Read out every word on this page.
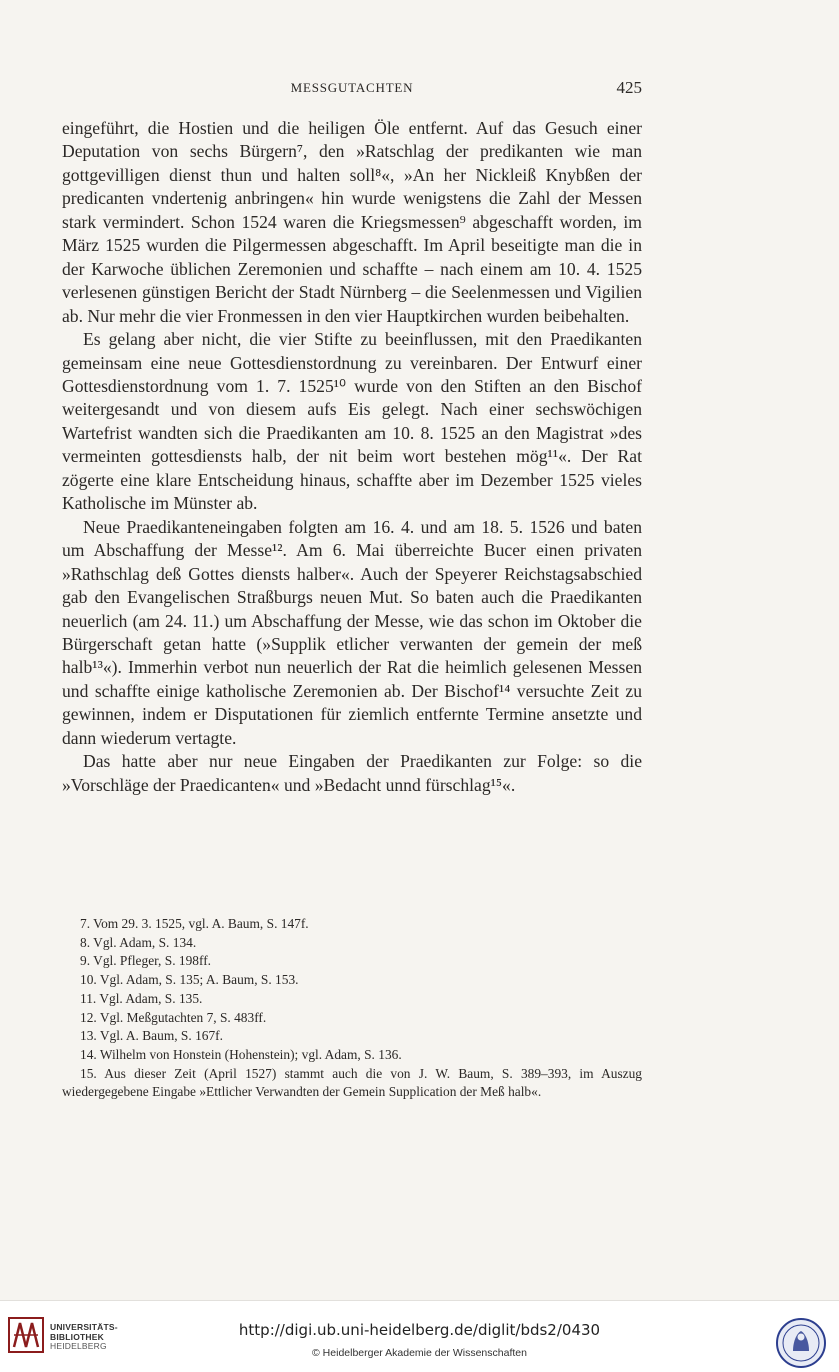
MESSGUTACHTEN	425

eingeführt, die Hostien und die heiligen Öle entfernt. Auf das Gesuch einer Deputation von sechs Bürgern⁷, den »Ratschlag der predikanten wie man gottgevilligen dienst thun und halten soll⁸«, »An her Nickleiß Knybßen der predicanten vndertenig anbringen« hin wurde wenigstens die Zahl der Messen stark vermindert. Schon 1524 waren die Kriegsmessen⁹ abgeschafft worden, im März 1525 wurden die Pilgermessen abgeschafft. Im April beseitigte man die in der Karwoche üblichen Zeremonien und schaffte – nach einem am 10. 4. 1525 verlesenen günstigen Bericht der Stadt Nürnberg – die Seelenmessen und Vigilien ab. Nur mehr die vier Fronmessen in den vier Hauptkirchen wurden beibehalten.

Es gelang aber nicht, die vier Stifte zu beeinflussen, mit den Praedikanten gemeinsam eine neue Gottesdienstordnung zu vereinbaren. Der Entwurf einer Gottesdienstordnung vom 1. 7. 1525¹⁰ wurde von den Stiften an den Bischof weitergesandt und von diesem aufs Eis gelegt. Nach einer sechswöchigen Wartefrist wandten sich die Praedikanten am 10. 8. 1525 an den Magistrat »des vermeinten gottesdiensts halb, der nit beim wort bestehen mög¹¹«. Der Rat zögerte eine klare Entscheidung hinaus, schaffte aber im Dezember 1525 vieles Katholische im Münster ab.

Neue Praedikanteneingaben folgten am 16. 4. und am 18. 5. 1526 und baten um Abschaffung der Messe¹². Am 6. Mai überreichte Bucer einen privaten »Rathschlag deß Gottes diensts halber«. Auch der Speyerer Reichstagsabschied gab den Evangelischen Straßburgs neuen Mut. So baten auch die Praedikanten neuerlich (am 24. 11.) um Abschaffung der Messe, wie das schon im Oktober die Bürgerschaft getan hatte (»Supplik etlicher verwanten der gemein der meß halb¹³«). Immerhin verbot nun neuerlich der Rat die heimlich gelesenen Messen und schaffte einige katholische Zeremonien ab. Der Bischof¹⁴ versuchte Zeit zu gewinnen, indem er Disputationen für ziemlich entfernte Termine ansetzte und dann wiederum vertagte.

Das hatte aber nur neue Eingaben der Praedikanten zur Folge: so die »Vorschläge der Praedicanten« und »Bedacht unnd fürschlag¹⁵«.

7. Vom 29. 3. 1525, vgl. A. Baum, S. 147f.

8. Vgl. Adam, S. 134.

9. Vgl. Pfleger, S. 198ff.

10. Vgl. Adam, S. 135; A. Baum, S. 153.

11. Vgl. Adam, S. 135.

12. Vgl. Meßgutachten 7, S. 483ff.

13. Vgl. A. Baum, S. 167f.

14. Wilhelm von Honstein (Hohenstein); vgl. Adam, S. 136.

15. Aus dieser Zeit (April 1527) stammt auch die von J. W. Baum, S. 389–393, im Auszug wiedergegebene Eingabe »Ettlicher Verwandten der Gemein Supplication der Meß halb«.

UNIVERSITÄTS-
BIBLIOTHEK
HEIDELBERG
http://digi.ub.uni-heidelberg.de/diglit/bds2/0430
© Heidelberger Akademie der Wissenschaften
